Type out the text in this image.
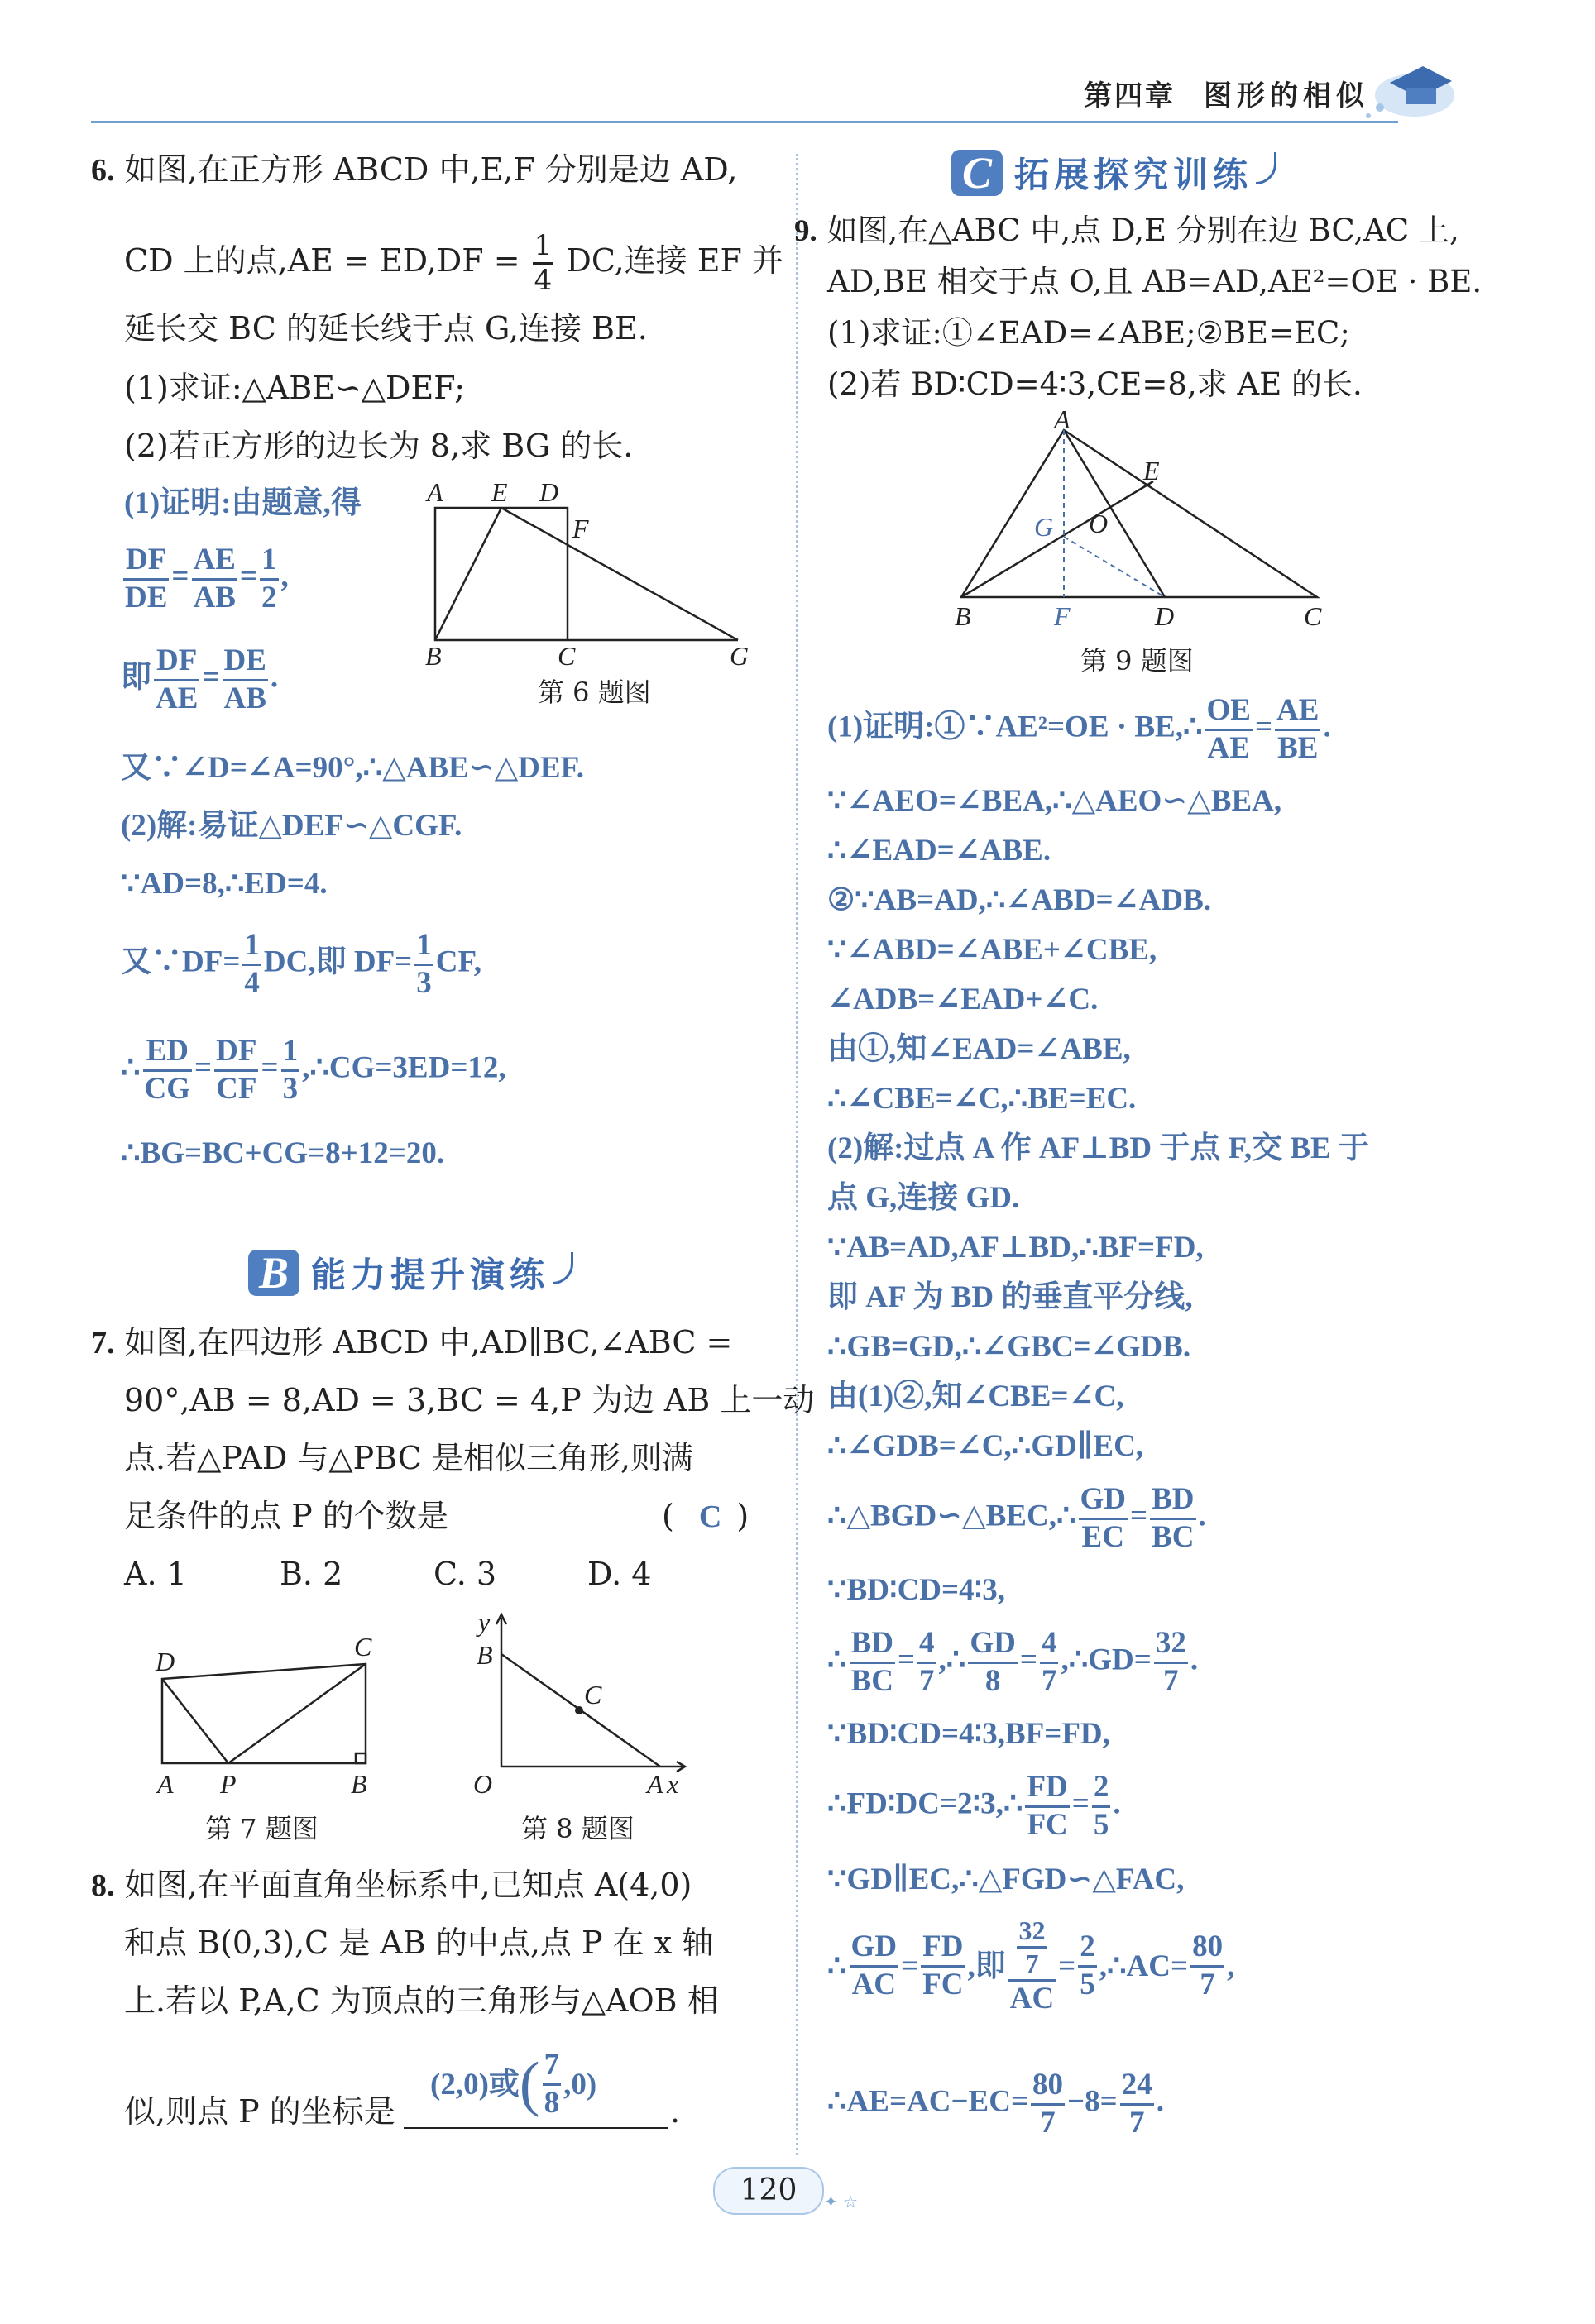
第四章 图形的相似
6. 如图,在正方形 ABCD 中,E,F 分别是边 AD,
CD 上的点$,AE = ED,DF = \frac{1}{4}$ DC,连接 EF 并
延长交 BC 的延长线于点 G,连接 BE.
(1)求证:△ABE∽△DEF;
(2)若正方形的边长为 8,求 BG 的长.
(1)证明:由题意,得
$\frac{DF}{DE} = \frac{AE}{AB} = \frac{1}{2}$ ,
即 $\frac{DF}{AE} = \frac{DE}{AB}$ .
又∵∠D=∠A=90°,∴△ABE∽△DEF.
(2)解:易证△DEF∽△CGF.
∵AD=8,∴ED=4.
又∵DF= $\frac{1}{4}$ DC,即 $DF= \frac{1}{3}$ CF,
∴ $\frac{ED}{CG} = \frac{DF}{CF} = \frac{1}{3}$ ,∴CG=3ED=12,
∴BG=BC+CG=8+12=20.
A E D
F
B	C	G
第 6 题图
B 能力提升演练
7. 如图,在四边形 ABCD 中,AD∥BC,∠ABC =
90°,AB = 8,AD = 3,BC = 4,P 为边 AB 上一动
点.若△PAD 与△PBC 是相似三角形,则满
足条件的点 P 的个数是	( C )
A. 1	B. 2	C. 3	D. 4
D	C
A P	B
第 7 题图
y
B
C
O	A x
第 8 题图
8. 如图,在平面直角坐标系中,已知点 A(4,0)
和点 B(0,3),C 是 AB 的中点,点 P 在 x 轴
上.若以 P,A,C 为顶点的三角形与△AOB 相
似,则点 P 的坐标是
(2,0)或 ( $\frac{7}{8} ,0$)
.
C 拓展探究训练
9. 如图,在△ABC 中,点 D,E 分别在边 BC,AC 上,
AD,BE 相交于点 O,且 AB=AD,AE²=OE · BE.
(1)求证:①∠EAD=∠ABE;②BE=EC;
(2)若 BD∶CD=4∶3,CE=8,求 AE 的长.
A
E
G O
B	F	D	C
第 9 题图
(1)证明:①∵AE²=OE · BE,∴ $\frac{OE}{AE} = \frac{AE}{BE}$ .
∵∠AEO=∠BEA,∴△AEO∽△BEA,
∴∠EAD=∠ABE.
②∵AB=AD,∴∠ABD=∠ADB.
∵∠ABD=∠ABE+∠CBE,
∠ADB=∠EAD+∠C.
由①,知∠EAD=∠ABE,
∴∠CBE=∠C,∴BE=EC.
(2)解:过点 A 作 AF⊥BD 于点 F,交 BE 于
点 G,连接 GD.
∵AB=AD,AF⊥BD,∴BF=FD,
即 AF 为 BD 的垂直平分线,
∴GB=GD,∴∠GBC=∠GDB.
由(1)②,知∠CBE=∠C,
∴∠GDB=∠C,∴GD∥EC,
∴△BGD∽△BEC,∴ $\frac{GD}{EC} = \frac{BD}{BC}$ .
∵BD∶CD=4∶3,
∴ $\frac{BD}{BC} = \frac{4}{7}$ ,∴ $\frac{GD}{8} = \frac{4}{7}$ ,∴GD= $\frac{32}{7}$ .
∵BD∶CD=4∶3,BF=FD,
∴FD∶DC=2∶3,∴ $\frac{FD}{FC} = \frac{2}{5}$ .
∵GD∥EC,∴△FGD∽△FAC,
∴ $\frac{GD}{AC} = \frac{FD}{FC}$ ,即 $\frac{\frac{32}{7}}{AC} = \frac{2}{5}$ ,∴AC= $\frac{80}{7}$ ,
∴AE=AC−EC= $\frac{80}{7} -8= \frac{24}{7}$ .
120	✦ ☆
